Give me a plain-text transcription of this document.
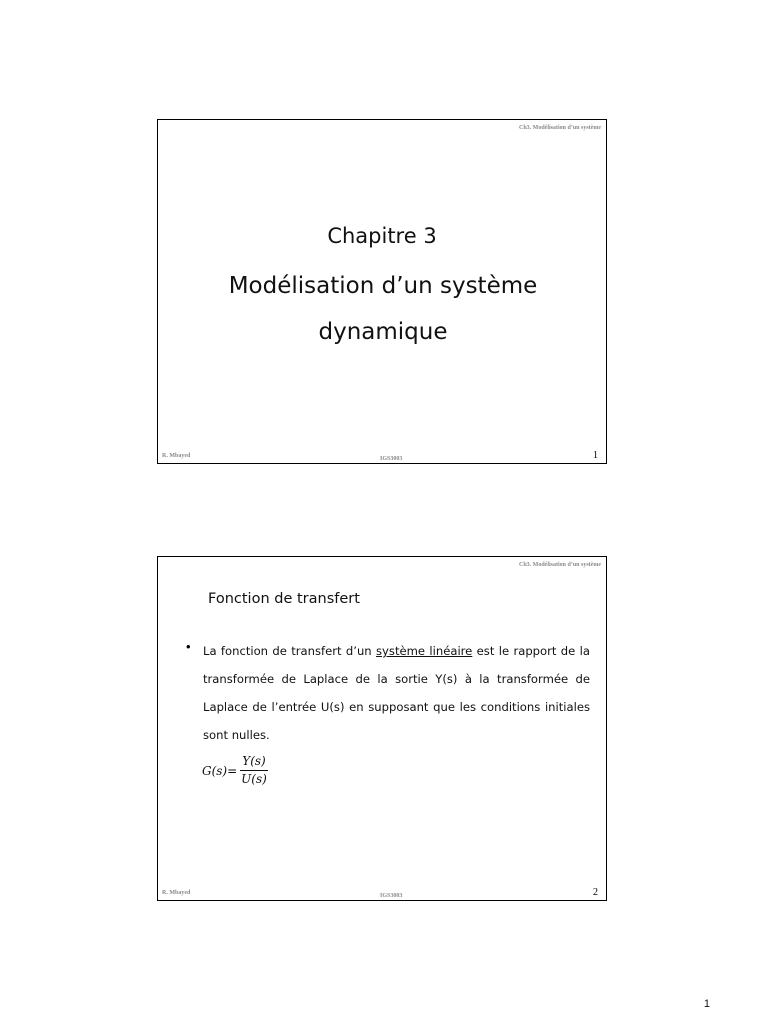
Ch3. Modélisation d’un système
Chapitre 3
Modélisation d’un système
dynamique
R. Mbayed	IGS3003	1
Ch3. Modélisation d’un système
Fonction de transfert
• La fonction de transfert d’un système linéaire est le rapport de la transformée de Laplace de la sortie Y(s) à la transformée de Laplace de l’entrée U(s) en supposant que les conditions initiales sont nulles.
$G(s)= \frac{Y(s)}{U(s)}$
R. Mbayed	IGS3003	2
1
